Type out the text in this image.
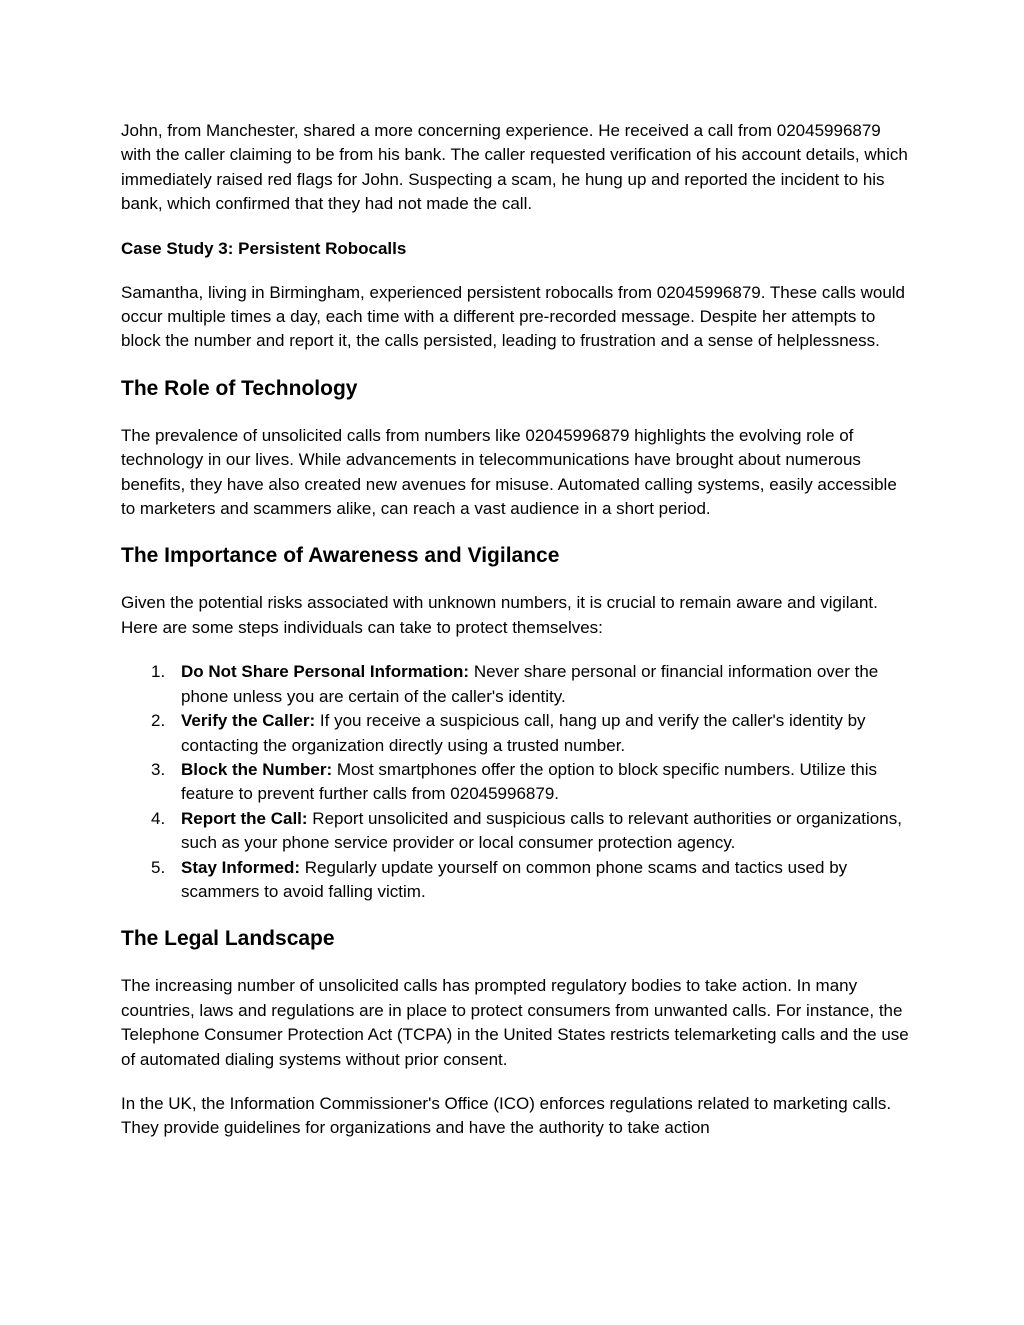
John, from Manchester, shared a more concerning experience. He received a call from 02045996879 with the caller claiming to be from his bank. The caller requested verification of his account details, which immediately raised red flags for John. Suspecting a scam, he hung up and reported the incident to his bank, which confirmed that they had not made the call.

Case Study 3: Persistent Robocalls

Samantha, living in Birmingham, experienced persistent robocalls from 02045996879. These calls would occur multiple times a day, each time with a different pre-recorded message. Despite her attempts to block the number and report it, the calls persisted, leading to frustration and a sense of helplessness.

The Role of Technology

The prevalence of unsolicited calls from numbers like 02045996879 highlights the evolving role of technology in our lives. While advancements in telecommunications have brought about numerous benefits, they have also created new avenues for misuse. Automated calling systems, easily accessible to marketers and scammers alike, can reach a vast audience in a short period.

The Importance of Awareness and Vigilance

Given the potential risks associated with unknown numbers, it is crucial to remain aware and vigilant. Here are some steps individuals can take to protect themselves:

1. Do Not Share Personal Information: Never share personal or financial information over the phone unless you are certain of the caller's identity.
2. Verify the Caller: If you receive a suspicious call, hang up and verify the caller's identity by contacting the organization directly using a trusted number.
3. Block the Number: Most smartphones offer the option to block specific numbers. Utilize this feature to prevent further calls from 02045996879.
4. Report the Call: Report unsolicited and suspicious calls to relevant authorities or organizations, such as your phone service provider or local consumer protection agency.
5. Stay Informed: Regularly update yourself on common phone scams and tactics used by scammers to avoid falling victim.
The Legal Landscape

The increasing number of unsolicited calls has prompted regulatory bodies to take action. In many countries, laws and regulations are in place to protect consumers from unwanted calls. For instance, the Telephone Consumer Protection Act (TCPA) in the United States restricts telemarketing calls and the use of automated dialing systems without prior consent.

In the UK, the Information Commissioner's Office (ICO) enforces regulations related to marketing calls. They provide guidelines for organizations and have the authority to take action
